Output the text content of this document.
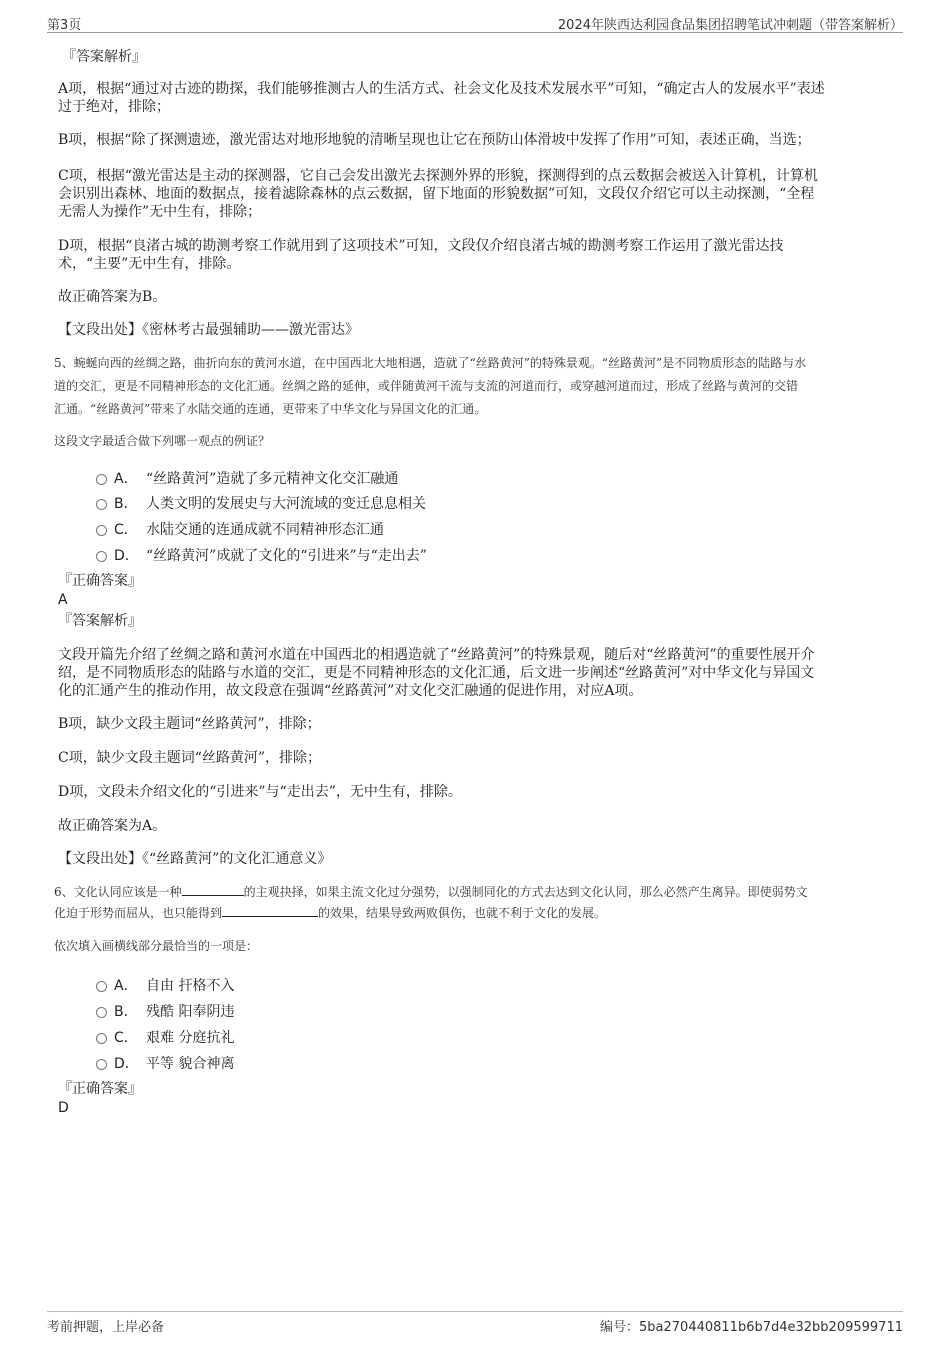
第3页	2024年陕西达利园食品集团招聘笔试冲刺题（带答案解析）
『答案解析』
A项，根据“通过对古迹的勘探，我们能够推测古人的生活方式、社会文化及技术发展水平”可知，“确定古人的发展水平”表述
过于绝对，排除；
B项，根据“除了探测遗迹，激光雷达对地形地貌的清晰呈现也让它在预防山体滑坡中发挥了作用”可知，表述正确，当选；
C项，根据“激光雷达是主动的探测器，它自己会发出激光去探测外界的形貌，探测得到的点云数据会被送入计算机，计算机
会识别出森林、地面的数据点，接着滤除森林的点云数据，留下地面的形貌数据”可知，文段仅介绍它可以主动探测，“全程
无需人为操作”无中生有，排除；
D项，根据“良渚古城的勘测考察工作就用到了这项技术”可知，文段仅介绍良渚古城的勘测考察工作运用了激光雷达技
术，“主要”无中生有，排除。
故正确答案为B。
【文段出处】《密林考古最强辅助——激光雷达》
5、蜿蜒向西的丝绸之路，曲折向东的黄河水道，在中国西北大地相遇，造就了“丝路黄河”的特殊景观。“丝路黄河”是不同物质形态的陆路与水
道的交汇，更是不同精神形态的文化汇通。丝绸之路的延伸，或伴随黄河干流与支流的河道而行，或穿越河道而过，形成了丝路与黄河的交错
汇通。“丝路黄河”带来了水陆交通的连通，更带来了中华文化与异国文化的汇通。
这段文字最适合做下列哪一观点的例证？
A． “丝路黄河”造就了多元精神文化交汇融通
B． 人类文明的发展史与大河流域的变迁息息相关
C． 水陆交通的连通成就不同精神形态汇通
D． “丝路黄河”成就了文化的“引进来”与“走出去”
『正确答案』
A
『答案解析』
文段开篇先介绍了丝绸之路和黄河水道在中国西北的相遇造就了“丝路黄河”的特殊景观，随后对“丝路黄河”的重要性展开介
绍，是不同物质形态的陆路与水道的交汇，更是不同精神形态的文化汇通，后文进一步阐述“丝路黄河”对中华文化与异国文
化的汇通产生的推动作用，故文段意在强调“丝路黄河”对文化交汇融通的促进作用，对应A项。
B项，缺少文段主题词“丝路黄河”，排除；
C项，缺少文段主题词“丝路黄河”，排除；
D项，文段未介绍文化的“引进来”与“走出去”，无中生有，排除。
故正确答案为A。
【文段出处】《“丝路黄河”的文化汇通意义》
6、文化认同应该是一种	的主观抉择，如果主流文化过分强势，以强制同化的方式去达到文化认同，那么必然产生离异。即使弱势文
化迫于形势而屈从，也只能得到	的效果，结果导致两败俱伤，也就不利于文化的发展。
依次填入画横线部分最恰当的一项是：
A． 自由 扞格不入
B． 残酷 阳奉阴违
C． 艰难 分庭抗礼
D． 平等 貌合神离
『正确答案』
D
考前押题，上岸必备	编号：5ba270440811b6b7d4e32bb209599711
